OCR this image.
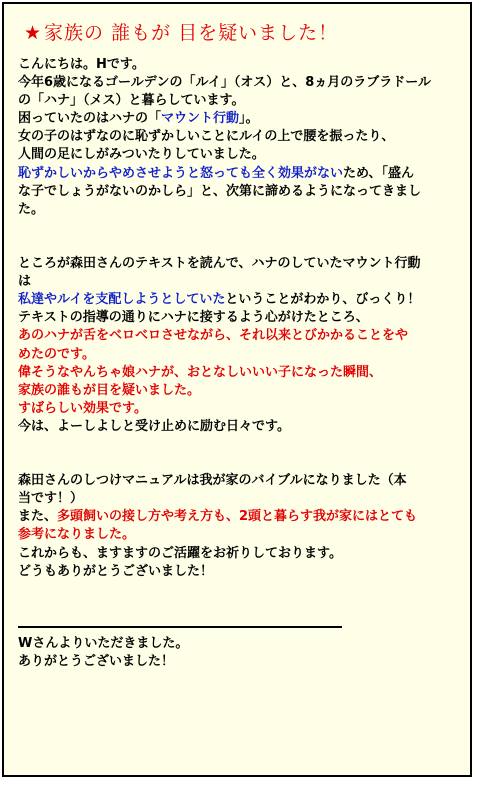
★ 家族の 誰もが 目を疑いました！
こんにちは。Hです。
今年6歳になるゴールデンの「ルイ」（オス）と、8ヵ月のラブラドール
の「ハナ」（メス）と暮らしています。
困っていたのはハナの「マウント行動」。
女の子のはずなのに恥ずかしいことにルイの上で腰を振ったり、
人間の足にしがみついたりしていました。
恥ずかしいからやめさせようと怒っても全く効果がないため、「盛ん
な子でしょうがないのかしら」と、次第に諦めるようになってきまし
た。
ところが森田さんのテキストを読んで、ハナのしていたマウント行動
は
私達やルイを支配しようとしていたということがわかり、びっくり！
テキストの指導の通りにハナに接するよう心がけたところ、
あのハナが舌をベロベロさせながら、それ以来とびかかることをや
めたのです。
偉そうなやんちゃ娘ハナが、おとなしいいい子になった瞬間、
家族の誰もが目を疑いました。
すばらしい効果です。
今は、よーしよしと受け止めに励む日々です。
森田さんのしつけマニュアルは我が家のバイブルになりました（本
当です！）
また、多頭飼いの接し方や考え方も、2頭と暮らす我が家にはとても
参考になりました。
これからも、ますますのご活躍をお祈りしております。
どうもありがとうございました！
Wさんよりいただきました。
ありがとうございました！
